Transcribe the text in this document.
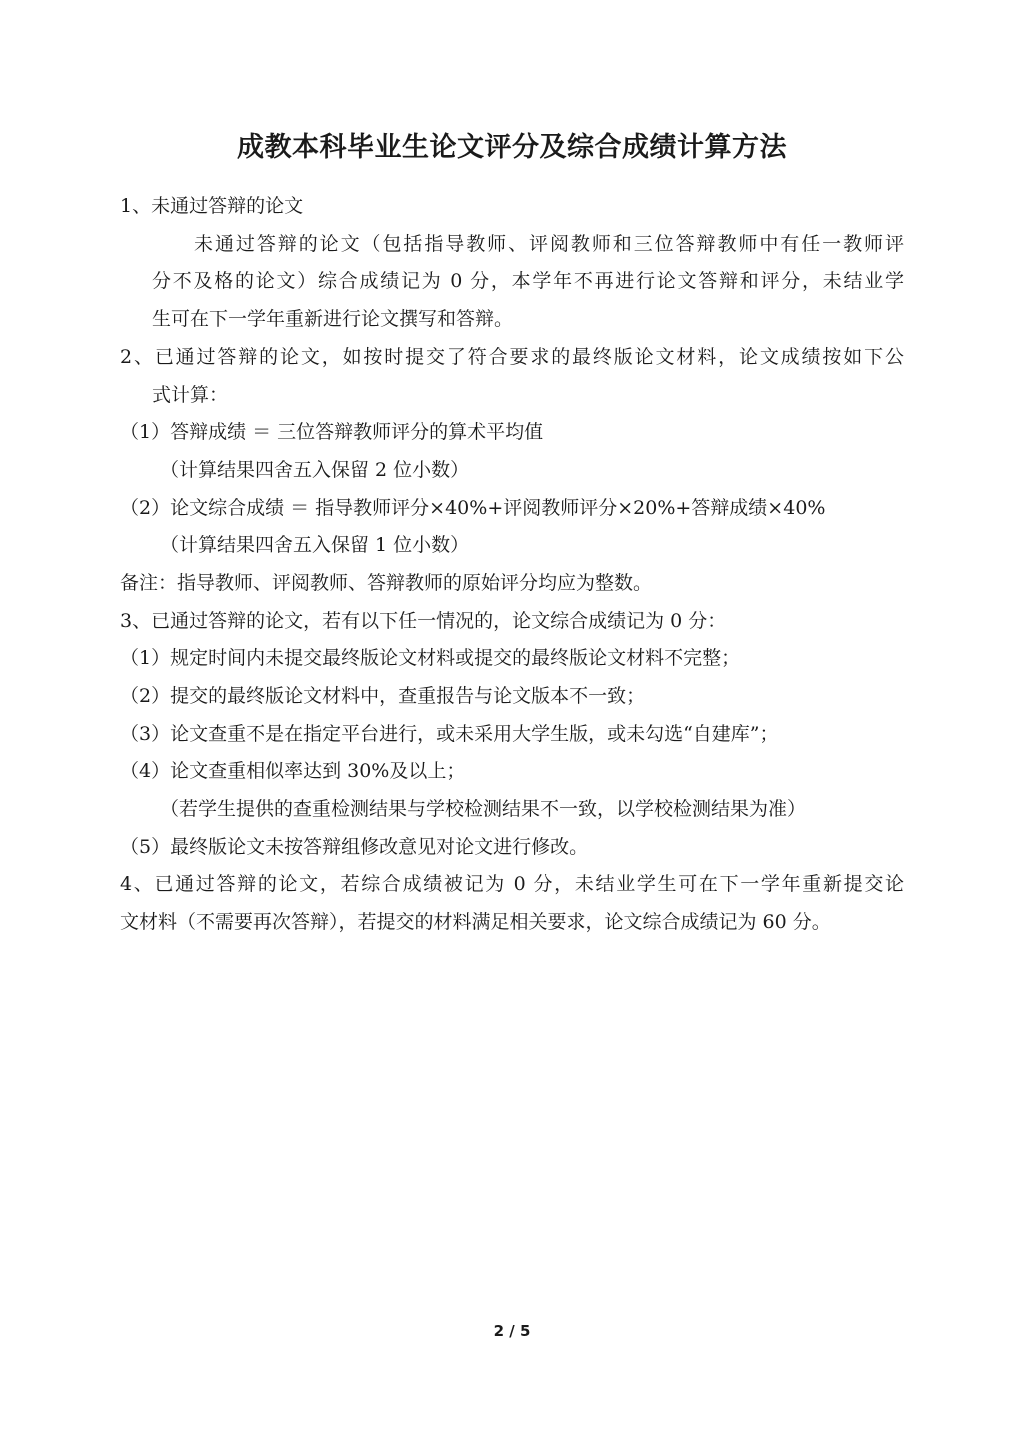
成教本科毕业生论文评分及综合成绩计算方法
1、未通过答辩的论文
未通过答辩的论文（包括指导教师、评阅教师和三位答辩教师中有任一教师评
分不及格的论文）综合成绩记为 0 分，本学年不再进行论文答辩和评分，未结业学
生可在下一学年重新进行论文撰写和答辩。
2、已通过答辩的论文，如按时提交了符合要求的最终版论文材料，论文成绩按如下公
式计算：
（1）答辩成绩 ＝ 三位答辩教师评分的算术平均值
（计算结果四舍五入保留 2 位小数）
（2）论文综合成绩 ＝ 指导教师评分×40%+评阅教师评分×20%+答辩成绩×40%
（计算结果四舍五入保留 1 位小数）
备注：指导教师、评阅教师、答辩教师的原始评分均应为整数。
3、已通过答辩的论文，若有以下任一情况的，论文综合成绩记为 0 分：
（1）规定时间内未提交最终版论文材料或提交的最终版论文材料不完整；
（2）提交的最终版论文材料中，查重报告与论文版本不一致；
（3）论文查重不是在指定平台进行，或未采用大学生版，或未勾选“自建库”；
（4）论文查重相似率达到 30%及以上；
（若学生提供的查重检测结果与学校检测结果不一致，以学校检测结果为准）
（5）最终版论文未按答辩组修改意见对论文进行修改。
4、已通过答辩的论文，若综合成绩被记为 0 分，未结业学生可在下一学年重新提交论
文材料（不需要再次答辩），若提交的材料满足相关要求，论文综合成绩记为 60 分。
2 / 5
